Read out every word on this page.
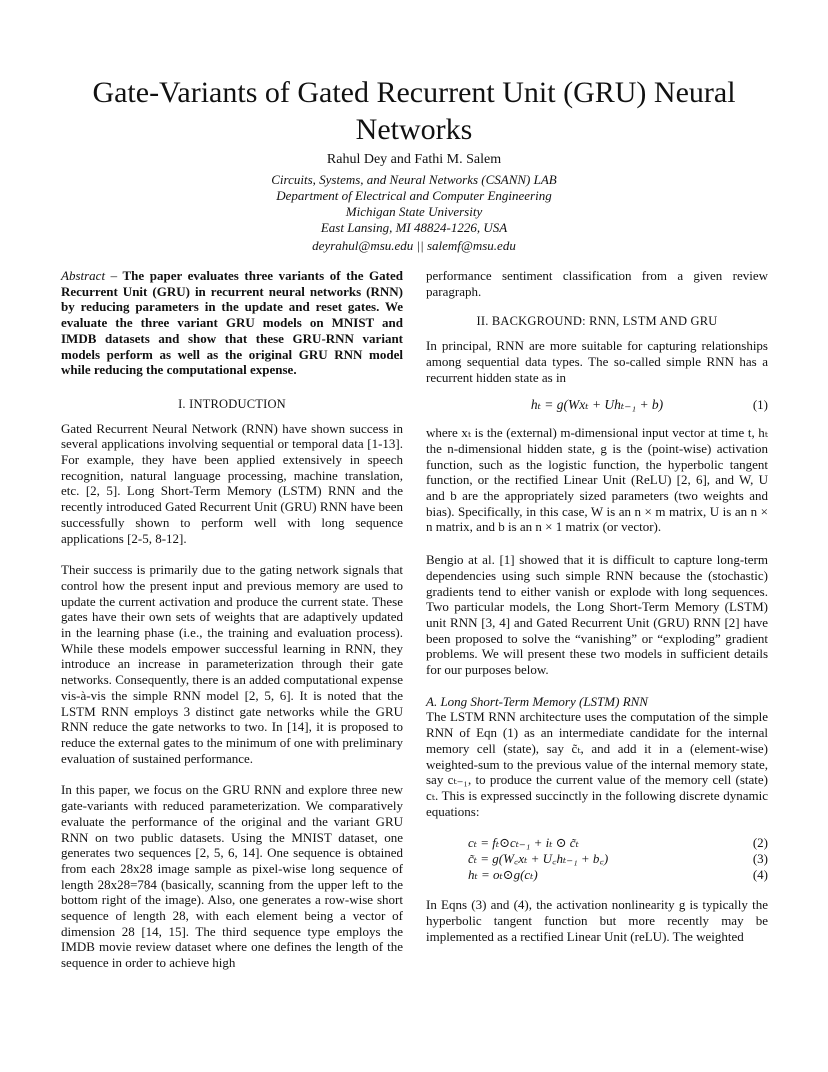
Gate-Variants of Gated Recurrent Unit (GRU) Neural Networks
Rahul Dey and Fathi M. Salem
Circuits, Systems, and Neural Networks (CSANN) LAB
Department of Electrical and Computer Engineering
Michigan State University
East Lansing, MI 48824-1226, USA
deyrahul@msu.edu || salemf@msu.edu

Abstract – The paper evaluates three variants of the Gated Recurrent Unit (GRU) in recurrent neural networks (RNN) by reducing parameters in the update and reset gates. We evaluate the three variant GRU models on MNIST and IMDB datasets and show that these GRU-RNN variant models perform as well as the original GRU RNN model while reducing the computational expense.

I. INTRODUCTION

Gated Recurrent Neural Network (RNN) have shown success in several applications involving sequential or temporal data [1-13]. For example, they have been applied extensively in speech recognition, natural language processing, machine translation, etc. [2, 5]. Long Short-Term Memory (LSTM) RNN and the recently introduced Gated Recurrent Unit (GRU) RNN have been successfully shown to perform well with long sequence applications [2-5, 8-12].

Their success is primarily due to the gating network signals that control how the present input and previous memory are used to update the current activation and produce the current state. These gates have their own sets of weights that are adaptively updated in the learning phase (i.e., the training and evaluation process). While these models empower successful learning in RNN, they introduce an increase in parameterization through their gate networks. Consequently, there is an added computational expense vis-à-vis the simple RNN model [2, 5, 6]. It is noted that the LSTM RNN employs 3 distinct gate networks while the GRU RNN reduce the gate networks to two. In [14], it is proposed to reduce the external gates to the minimum of one with preliminary evaluation of sustained performance.

In this paper, we focus on the GRU RNN and explore three new gate-variants with reduced parameterization. We comparatively evaluate the performance of the original and the variant GRU RNN on two public datasets. Using the MNIST dataset, one generates two sequences [2, 5, 6, 14]. One sequence is obtained from each 28x28 image sample as pixel-wise long sequence of length 28x28=784 (basically, scanning from the upper left to the bottom right of the image). Also, one generates a row-wise short sequence of length 28, with each element being a vector of dimension 28 [14, 15]. The third sequence type employs the IMDB movie review dataset where one defines the length of the sequence in order to achieve high

performance sentiment classification from a given review paragraph.

II. BACKGROUND: RNN, LSTM AND GRU

In principal, RNN are more suitable for capturing relationships among sequential data types. The so-called simple RNN has a recurrent hidden state as in

hₜ = g(Wxₜ + Uhₜ₋₁ + b)	(1)

where xₜ is the (external) m-dimensional input vector at time t, hₜ the n-dimensional hidden state, g is the (point-wise) activation function, such as the logistic function, the hyperbolic tangent function, or the rectified Linear Unit (ReLU) [2, 6], and W, U and b are the appropriately sized parameters (two weights and bias). Specifically, in this case, W is an n × m matrix, U is an n × n matrix, and b is an n × 1 matrix (or vector).

Bengio at al. [1] showed that it is difficult to capture long-term dependencies using such simple RNN because the (stochastic) gradients tend to either vanish or explode with long sequences. Two particular models, the Long Short-Term Memory (LSTM) unit RNN [3, 4] and Gated Recurrent Unit (GRU) RNN [2] have been proposed to solve the “vanishing” or “exploding” gradient problems. We will present these two models in sufficient details for our purposes below.

A. Long Short-Term Memory (LSTM) RNN

The LSTM RNN architecture uses the computation of the simple RNN of Eqn (1) as an intermediate candidate for the internal memory cell (state), say c̃ₜ, and add it in a (element-wise) weighted-sum to the previous value of the internal memory state, say cₜ₋₁, to produce the current value of the memory cell (state) cₜ. This is expressed succinctly in the following discrete dynamic equations:

cₜ = fₜ⊙cₜ₋₁ + iₜ ⊙ c̃ₜ	(2)
c̃ₜ = g(W꜀xₜ + U꜀hₜ₋₁ + b꜀)	(3)
hₜ = oₜ⊙g(cₜ)	(4)

In Eqns (3) and (4), the activation nonlinearity g is typically the hyperbolic tangent function but more recently may be implemented as a rectified Linear Unit (reLU). The weighted
